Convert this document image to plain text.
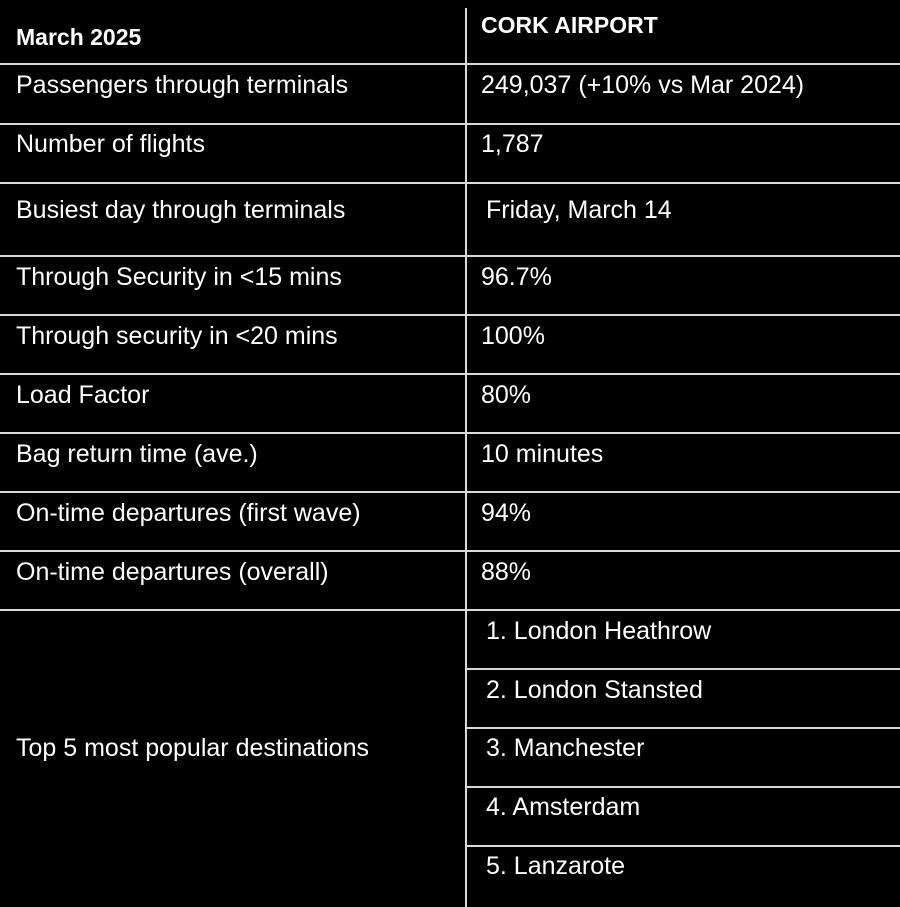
March 2025	CORK AIRPORT
Passengers through terminals	249,037 (+10% vs Mar 2024)
Number of flights	1,787
Busiest day through terminals	Friday, March 14
Through Security in <15 mins	96.7%
Through security in <20 mins	100%
Load Factor	80%
Bag return time (ave.)	10 minutes
On-time departures (first wave)	94%
On-time departures (overall)	88%
Top 5 most popular destinations
1. London Heathrow
2. London Stansted
3. Manchester
4. Amsterdam
5. Lanzarote
